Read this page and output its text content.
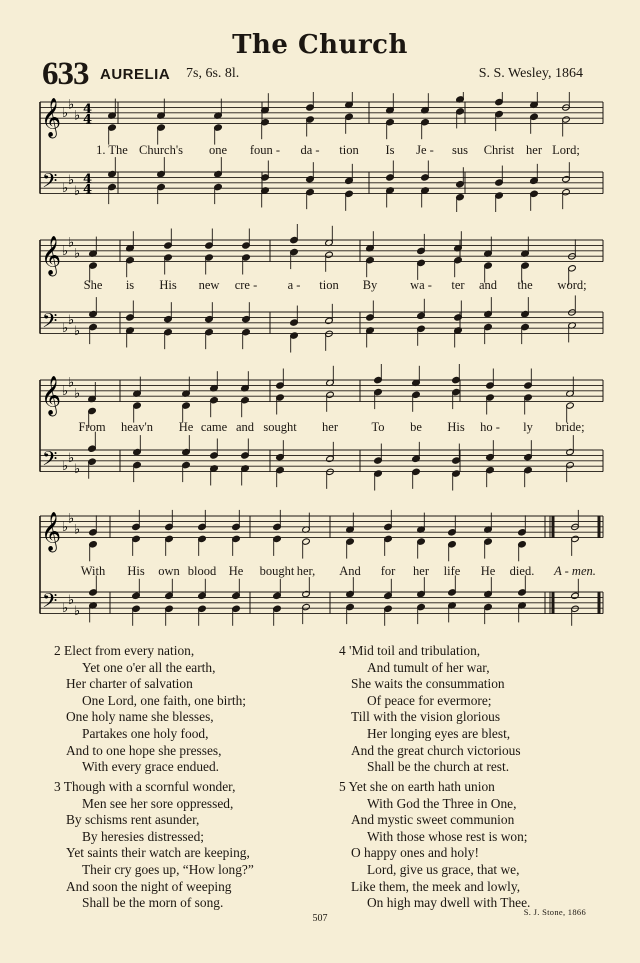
The Church
633 AURELIA 7s, 6s. 8l.	S. S. Wesley, 1864
𝄞
𝄢
♭
♭
♭
♭
♭
♭
4
4
4
4
1. The Church's one foun - da - tion Is Je - sus Christ her Lord;
𝄞
𝄢
♭
♭
♭
♭
♭
♭
She is His new cre - a - tion By	wa - ter and the word;
𝄞
𝄢
♭
♭
♭
♭
♭
♭
From heav'n He came and sought her	To be His ho - ly bride;
𝄞
𝄢
♭
♭
♭
♭
♭
♭
With His own blood He bought her, And for her life He died. A - men.
2 Elect from every nation,
Yet one o'er all the earth,
Her charter of salvation
One Lord, one faith, one birth;
One holy name she blesses,
Partakes one holy food,
And to one hope she presses,
With every grace endued.
3 Though with a scornful wonder,
Men see her sore oppressed,
By schisms rent asunder,
By heresies distressed;
Yet saints their watch are keeping,
Their cry goes up, “How long?”
And soon the night of weeping
Shall be the morn of song.
4 'Mid toil and tribulation,
And tumult of her war,
She waits the consummation
Of peace for evermore;
Till with the vision glorious
Her longing eyes are blest,
And the great church victorious
Shall be the church at rest.
5 Yet she on earth hath union
With God the Three in One,
And mystic sweet communion
With those whose rest is won;
O happy ones and holy!
Lord, give us grace, that we,
Like them, the meek and lowly,
On high may dwell with Thee.
507
S. J. Stone, 1866
